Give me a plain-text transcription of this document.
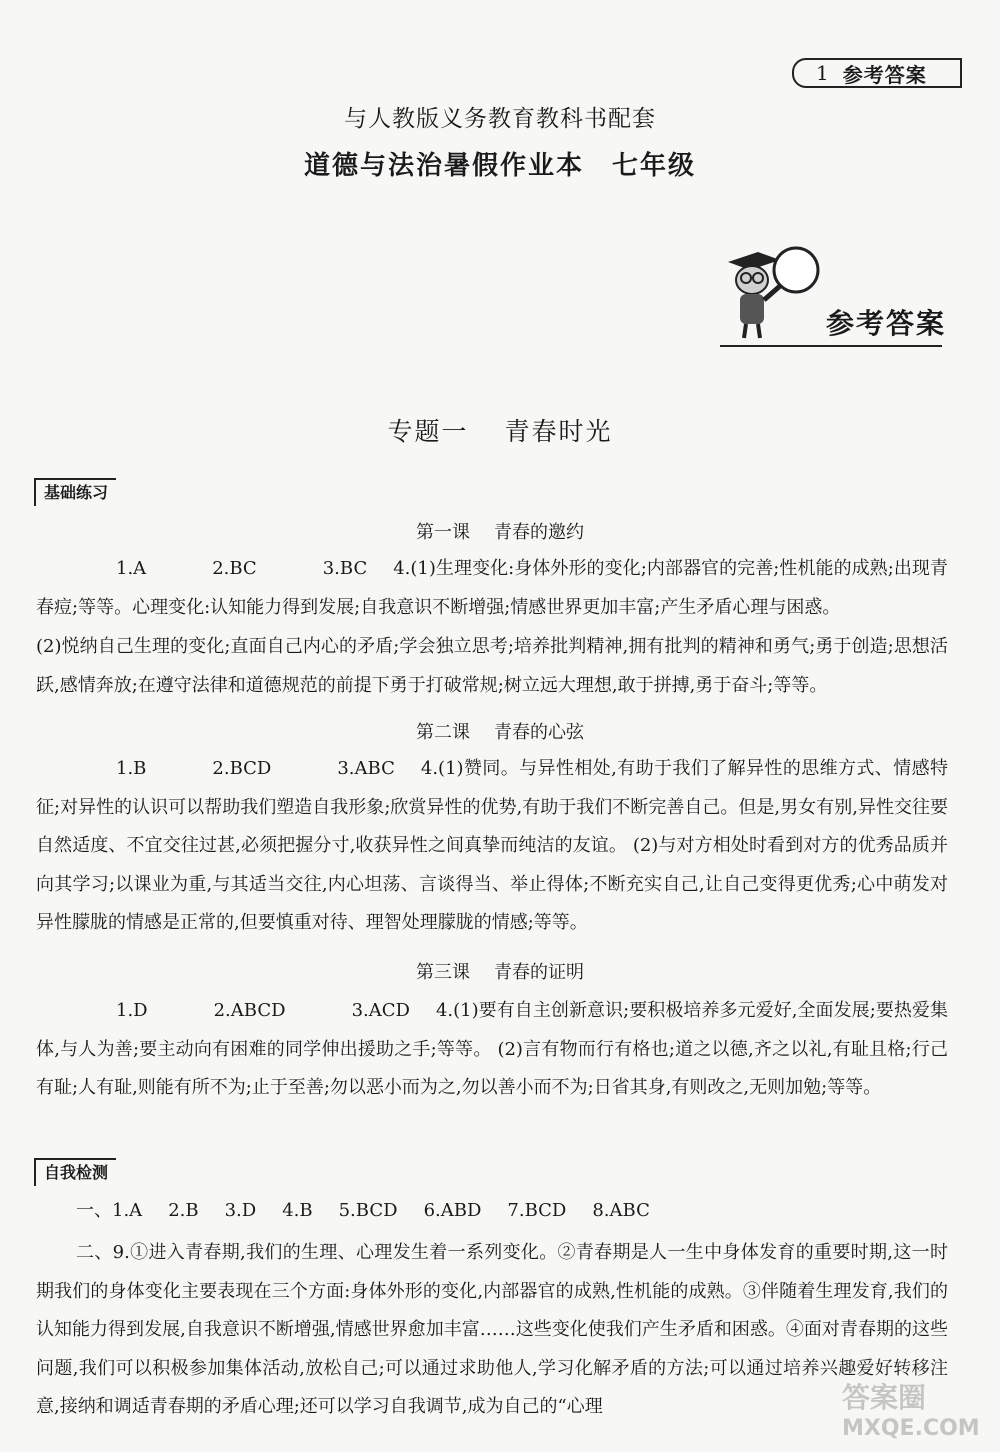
1 参考答案
与人教版义务教育教科书配套
道德与法治暑假作业本 七年级
参考答案
专题一 青春时光
基础练习
第一课 青春的邀约
1.A	2.BC	3.BC 4.(1)生理变化:身体外形的变化;内部器官的完善;性机能的成熟;出现青春痘;等等。心理变化:认知能力得到发展;自我意识不断增强;情感世界更加丰富;产生矛盾心理与困惑。
(2)悦纳自己生理的变化;直面自己内心的矛盾;学会独立思考;培养批判精神,拥有批判的精神和勇气;勇于创造;思想活跃,感情奔放;在遵守法律和道德规范的前提下勇于打破常规;树立远大理想,敢于拼搏,勇于奋斗;等等。
第二课 青春的心弦
1.B	2.BCD	3.ABC 4.(1)赞同。与异性相处,有助于我们了解异性的思维方式、情感特征;对异性的认识可以帮助我们塑造自我形象;欣赏异性的优势,有助于我们不断完善自己。但是,男女有别,异性交往要自然适度、不宜交往过甚,必须把握分寸,收获异性之间真挚而纯洁的友谊。 (2)与对方相处时看到对方的优秀品质并向其学习;以课业为重,与其适当交往,内心坦荡、言谈得当、举止得体;不断充实自己,让自己变得更优秀;心中萌发对异性朦胧的情感是正常的,但要慎重对待、理智处理朦胧的情感;等等。
第三课 青春的证明
1.D	2.ABCD	3.ACD 4.(1)要有自主创新意识;要积极培养多元爱好,全面发展;要热爱集体,与人为善;要主动向有困难的同学伸出援助之手;等等。 (2)言有物而行有格也;道之以德,齐之以礼,有耻且格;行己有耻;人有耻,则能有所不为;止于至善;勿以恶小而为之,勿以善小而不为;日省其身,有则改之,无则加勉;等等。
自我检测
一、1.A 2.B 3.D 4.B 5.BCD 6.ABD 7.BCD 8.ABC
二、9.①进入青春期,我们的生理、心理发生着一系列变化。②青春期是人一生中身体发育的重要时期,这一时期我们的身体变化主要表现在三个方面:身体外形的变化,内部器官的成熟,性机能的成熟。③伴随着生理发育,我们的认知能力得到发展,自我意识不断增强,情感世界愈加丰富……这些变化使我们产生矛盾和困惑。④面对青春期的这些问题,我们可以积极参加集体活动,放松自己;可以通过求助他人,学习化解矛盾的方法;可以通过培养兴趣爱好转移注意,接纳和调适青春期的矛盾心理;还可以学习自我调节,成为自己的“心理	答案圈
MXQE.COM
